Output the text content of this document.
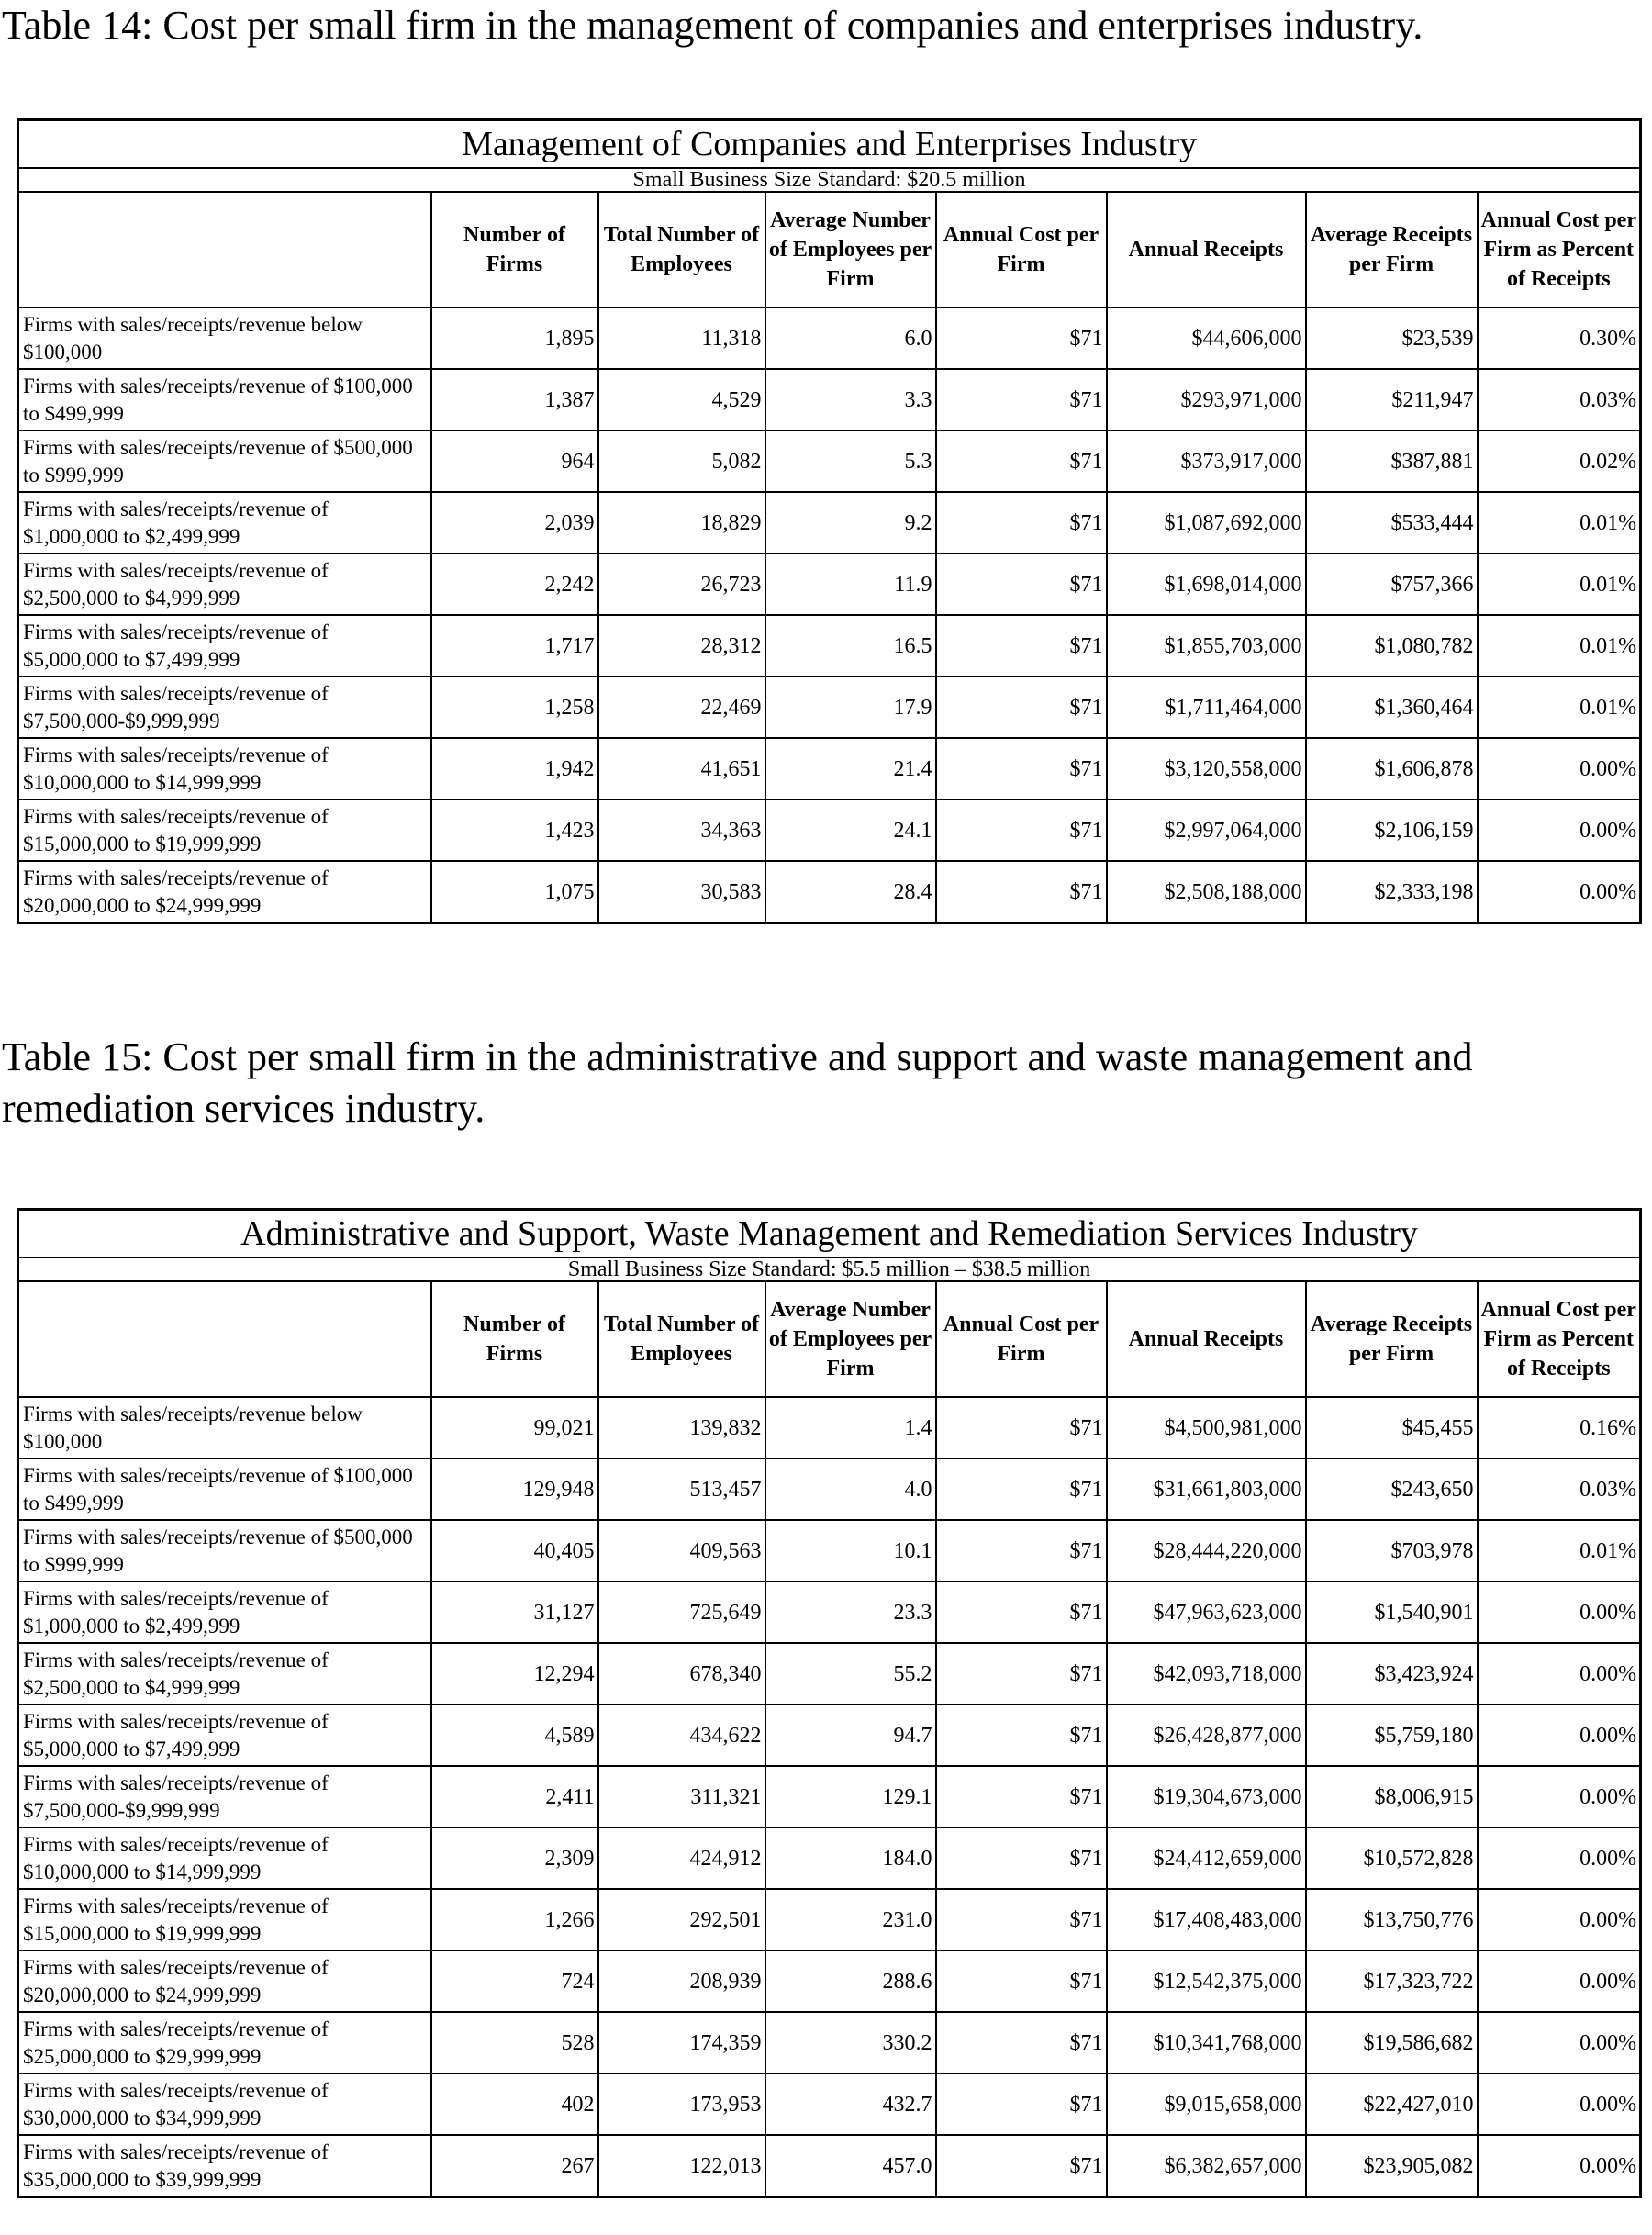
Table 14: Cost per small firm in the management of companies and enterprises industry.
Management of Companies and Enterprises Industry							
Small Business Size Standard: $20.5 million							
	Number of Firms	Total Number of Employees	Average Number of Employees per Firm	Annual Cost per Firm	Annual Receipts	Average Receipts per Firm	Annual Cost per Firm as Percent of Receipts
Firms with sales/receipts/revenue below $100,000	1,895	11,318	6.0	$71	$44,606,000	$23,539	0.30%
Firms with sales/receipts/revenue of $100,000 to $499,999	1,387	4,529	3.3	$71	$293,971,000	$211,947	0.03%
Firms with sales/receipts/revenue of $500,000 to $999,999	964	5,082	5.3	$71	$373,917,000	$387,881	0.02%
Firms with sales/receipts/revenue of $1,000,000 to $2,499,999	2,039	18,829	9.2	$71	$1,087,692,000	$533,444	0.01%
Firms with sales/receipts/revenue of $2,500,000 to $4,999,999	2,242	26,723	11.9	$71	$1,698,014,000	$757,366	0.01%
Firms with sales/receipts/revenue of $5,000,000 to $7,499,999	1,717	28,312	16.5	$71	$1,855,703,000	$1,080,782	0.01%
Firms with sales/receipts/revenue of $7,500,000-$9,999,999	1,258	22,469	17.9	$71	$1,711,464,000	$1,360,464	0.01%
Firms with sales/receipts/revenue of $10,000,000 to $14,999,999	1,942	41,651	21.4	$71	$3,120,558,000	$1,606,878	0.00%
Firms with sales/receipts/revenue of $15,000,000 to $19,999,999	1,423	34,363	24.1	$71	$2,997,064,000	$2,106,159	0.00%
Firms with sales/receipts/revenue of $20,000,000 to $24,999,999	1,075	30,583	28.4	$71	$2,508,188,000	$2,333,198	0.00%
Table 15: Cost per small firm in the administrative and support and waste management and remediation services industry.
Administrative and Support, Waste Management and Remediation Services Industry							
Small Business Size Standard: $5.5 million – $38.5 million							
	Number of Firms	Total Number of Employees	Average Number of Employees per Firm	Annual Cost per Firm	Annual Receipts	Average Receipts per Firm	Annual Cost per Firm as Percent of Receipts
Firms with sales/receipts/revenue below $100,000	99,021	139,832	1.4	$71	$4,500,981,000	$45,455	0.16%
Firms with sales/receipts/revenue of $100,000 to $499,999	129,948	513,457	4.0	$71	$31,661,803,000	$243,650	0.03%
Firms with sales/receipts/revenue of $500,000 to $999,999	40,405	409,563	10.1	$71	$28,444,220,000	$703,978	0.01%
Firms with sales/receipts/revenue of $1,000,000 to $2,499,999	31,127	725,649	23.3	$71	$47,963,623,000	$1,540,901	0.00%
Firms with sales/receipts/revenue of $2,500,000 to $4,999,999	12,294	678,340	55.2	$71	$42,093,718,000	$3,423,924	0.00%
Firms with sales/receipts/revenue of $5,000,000 to $7,499,999	4,589	434,622	94.7	$71	$26,428,877,000	$5,759,180	0.00%
Firms with sales/receipts/revenue of $7,500,000-$9,999,999	2,411	311,321	129.1	$71	$19,304,673,000	$8,006,915	0.00%
Firms with sales/receipts/revenue of $10,000,000 to $14,999,999	2,309	424,912	184.0	$71	$24,412,659,000	$10,572,828	0.00%
Firms with sales/receipts/revenue of $15,000,000 to $19,999,999	1,266	292,501	231.0	$71	$17,408,483,000	$13,750,776	0.00%
Firms with sales/receipts/revenue of $20,000,000 to $24,999,999	724	208,939	288.6	$71	$12,542,375,000	$17,323,722	0.00%
Firms with sales/receipts/revenue of $25,000,000 to $29,999,999	528	174,359	330.2	$71	$10,341,768,000	$19,586,682	0.00%
Firms with sales/receipts/revenue of $30,000,000 to $34,999,999	402	173,953	432.7	$71	$9,015,658,000	$22,427,010	0.00%
Firms with sales/receipts/revenue of $35,000,000 to $39,999,999	267	122,013	457.0	$71	$6,382,657,000	$23,905,082	0.00%
